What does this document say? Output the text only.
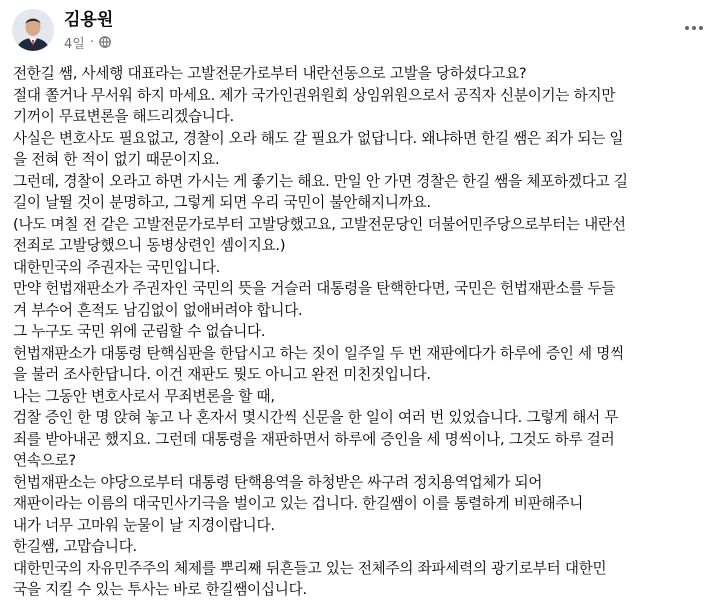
김용원
4일 ·

전한길 쌤, 사세행 대표라는 고발전문가로부터 내란선동으로 고발을 당하셨다고요?

절대 쫄거나 무서워 하지 마세요. 제가 국가인권위원회 상임위원으로서 공직자 신분이기는 하지만

기꺼이 무료변론을 해드리겠습니다.

사실은 변호사도 필요없고, 경찰이 오라 해도 갈 필요가 없답니다. 왜냐하면 한길 쌤은 죄가 되는 일

을 전혀 한 적이 없기 때문이지요.

그런데, 경찰이 오라고 하면 가시는 게 좋기는 해요. 만일 안 가면 경찰은 한길 쌤을 체포하겠다고 길

길이 날뛸 것이 분명하고, 그렇게 되면 우리 국민이 불안해지니까요.

(나도 며칠 전 같은 고발전문가로부터 고발당했고요, 고발전문당인 더불어민주당으로부터는 내란선

전죄로 고발당했으니 동병상련인 셈이지요.)

대한민국의 주권자는 국민입니다.

만약 헌법재판소가 주권자인 국민의 뜻을 거슬러 대통령을 탄핵한다면, 국민은 헌법재판소를 두들

겨 부수어 흔적도 남김없이 없애버려야 합니다.

그 누구도 국민 위에 군림할 수 없습니다.

헌법재판소가 대통령 탄핵심판을 한답시고 하는 짓이 일주일 두 번 재판에다가 하루에 증인 세 명씩

을 불러 조사한답니다. 이건 재판도 뭣도 아니고 완전 미친짓입니다.

나는 그동안 변호사로서 무죄변론을 할 때,

검찰 증인 한 명 앉혀 놓고 나 혼자서 몇시간씩 신문을 한 일이 여러 번 있었습니다. 그렇게 해서 무

죄를 받아내곤 했지요. 그런데 대통령을 재판하면서 하루에 증인을 세 명씩이나, 그것도 하루 걸러

연속으로?

헌법재판소는 야당으로부터 대통령 탄핵용역을 하청받은 싸구려 정치용역업체가 되어

재판이라는 이름의 대국민사기극을 벌이고 있는 겁니다. 한길쌤이 이를 통렬하게 비판해주니

내가 너무 고마워 눈물이 날 지경이랍니다.

한길쌤, 고맙습니다.

대한민국의 자유민주주의 체제를 뿌리째 뒤흔들고 있는 전체주의 좌파세력의 광기로부터 대한민

국을 지킬 수 있는 투사는 바로 한길쌤이십니다.
